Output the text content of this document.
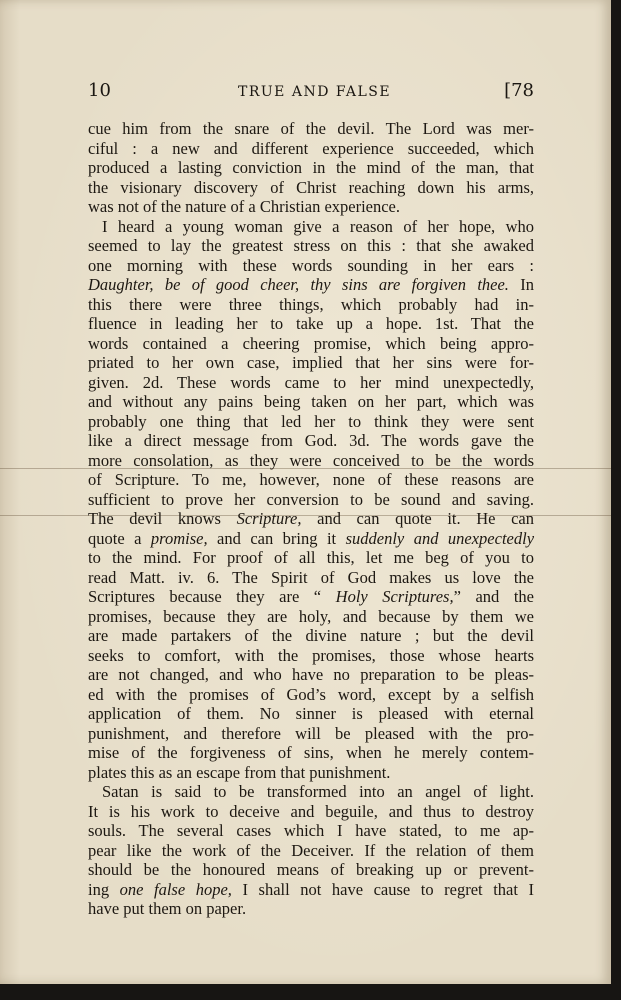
10	TRUE AND FALSE	[78
cue him from the snare of the devil. The Lord was mer-
ciful : a new and different experience succeeded, which
produced a lasting conviction in the mind of the man, that
the visionary discovery of Christ reaching down his arms,
was not of the nature of a Christian experience.
I heard a young woman give a reason of her hope, who
seemed to lay the greatest stress on this : that she awaked
one morning with these words sounding in her ears :
Daughter, be of good cheer, thy sins are forgiven thee. In
this there were three things, which probably had in-
fluence in leading her to take up a hope. 1st. That the
words contained a cheering promise, which being appro-
priated to her own case, implied that her sins were for-
given. 2d. These words came to her mind unexpectedly,
and without any pains being taken on her part, which was
probably one thing that led her to think they were sent
like a direct message from God. 3d. The words gave the
more consolation, as they were conceived to be the words
of Scripture. To me, however, none of these reasons are
sufficient to prove her conversion to be sound and saving.
The devil knows Scripture, and can quote it. He can
quote a promise, and can bring it suddenly and unexpectedly
to the mind. For proof of all this, let me beg of you to
read Matt. iv. 6. The Spirit of God makes us love the
Scriptures because they are “ Holy Scriptures,” and the
promises, because they are holy, and because by them we
are made partakers of the divine nature ; but the devil
seeks to comfort, with the promises, those whose hearts
are not changed, and who have no preparation to be pleas-
ed with the promises of God’s word, except by a selfish
application of them. No sinner is pleased with eternal
punishment, and therefore will be pleased with the pro-
mise of the forgiveness of sins, when he merely contem-
plates this as an escape from that punishment.
Satan is said to be transformed into an angel of light.
It is his work to deceive and beguile, and thus to destroy
souls. The several cases which I have stated, to me ap-
pear like the work of the Deceiver. If the relation of them
should be the honoured means of breaking up or prevent-
ing one false hope, I shall not have cause to regret that I
have put them on paper.
